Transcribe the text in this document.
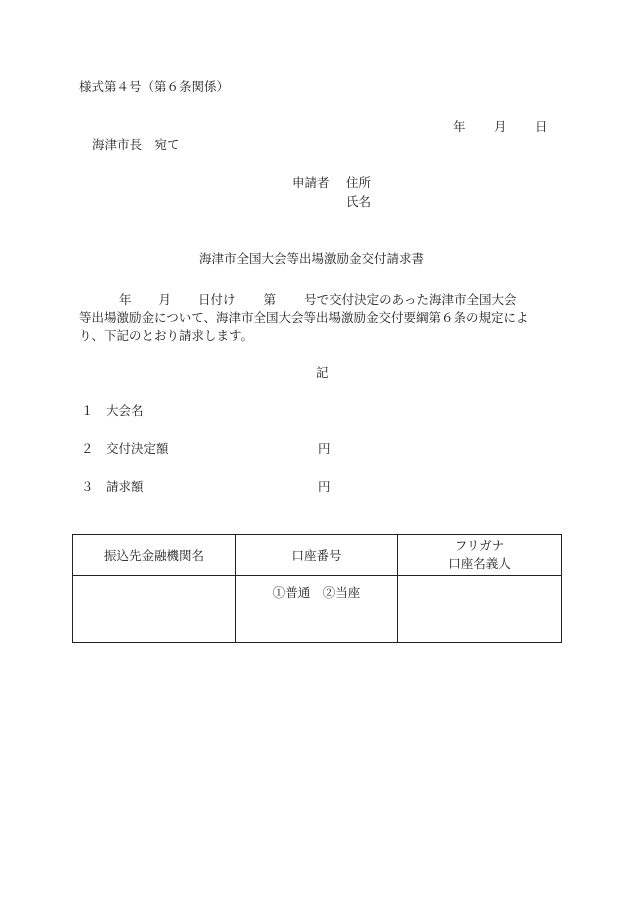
様式第４号（第６条関係）
年 月 日
海津市長　宛て
申請者 住所
氏名
海津市全国大会等出場激励金交付請求書
年 月 日付け 第 号で交付決定のあった海津市全国大会
等出場激励金について、海津市全国大会等出場激励金交付要綱第６条の規定によ
り、下記のとおり請求します。
記
１ 大会名
２ 交付決定額	円
３ 請求額	円
振込先金融機関名	口座番号	フリガナ
口座名義人

	①普通　②当座	
